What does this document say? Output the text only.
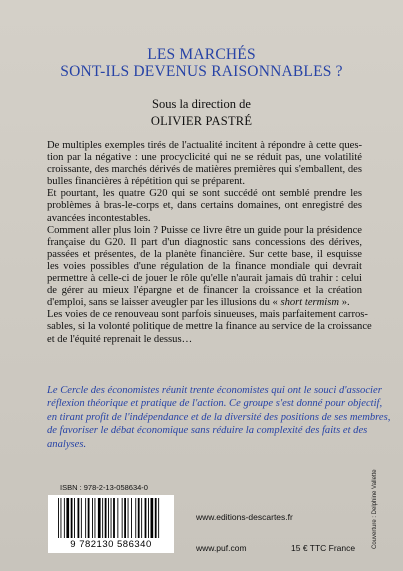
LES MARCHÉS
SONT-ILS DEVENUS RAISONNABLES ?
Sous la direction de
OLIVIER PASTRÉ
De multiples exemples tirés de l'actualité incitent à répondre à cette ques-
tion par la négative : une procyclicité qui ne se réduit pas, une volatilité
croissante, des marchés dérivés de matières premières qui s'emballent, des
bulles financières à répétition qui se préparent.
Et pourtant, les quatre G20 qui se sont succédé ont semblé prendre les
problèmes à bras-le-corps et, dans certains domaines, ont enregistré des
avancées incontestables.
Comment aller plus loin ? Puisse ce livre être un guide pour la présidence
française du G20. Il part d'un diagnostic sans concessions des dérives,
passées et présentes, de la planète financière. Sur cette base, il esquisse
les voies possibles d'une régulation de la finance mondiale qui devrait
permettre à celle-ci de jouer le rôle qu'elle n'aurait jamais dû trahir : celui
de gérer au mieux l'épargne et de financer la croissance et la création
d'emploi, sans se laisser aveugler par les illusions du « short termism ».
Les voies de ce renouveau sont parfois sinueuses, mais parfaitement carros-
sables, si la volonté politique de mettre la finance au service de la croissance
et de l'équité reprenait le dessus…
Le Cercle des économistes réunit trente économistes qui ont le souci d'associer
réflexion théorique et pratique de l'action. Ce groupe s'est donné pour objectif,
en tirant profit de l'indépendance et de la diversité des positions de ses membres,
de favoriser le débat économique sans réduire la complexité des faits et des
analyses.
ISBN : 978-2-13-058634-0
9 782130 586340
www.editions-descartes.fr
www.puf.com	15 € TTC France	Couverture : Delphine Vallette
